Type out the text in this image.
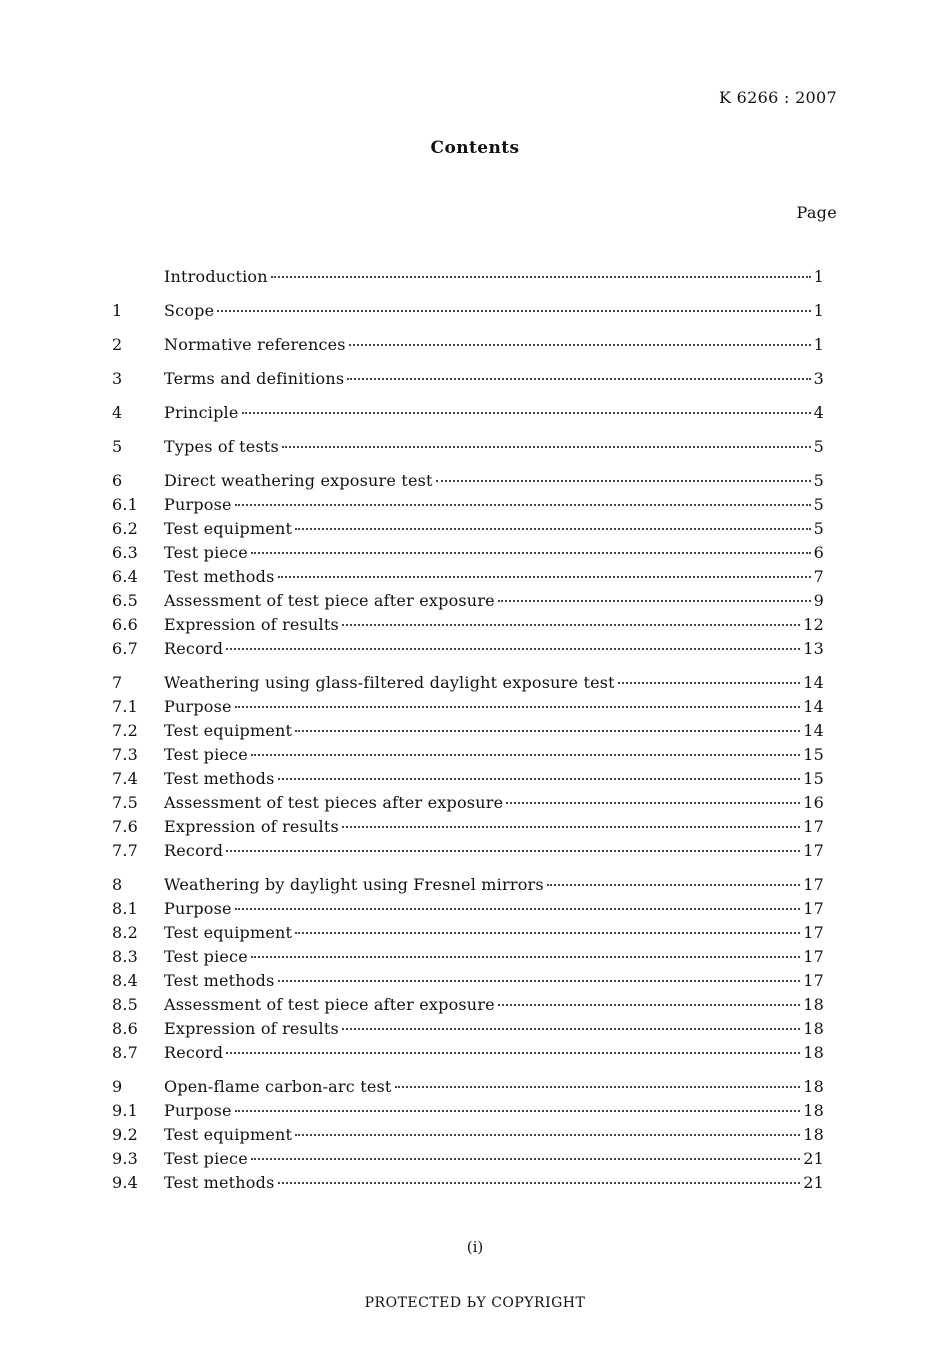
K 6266 : 2007
Contents
Page
Introduction	1
1	Scope	1
2	Normative references	1
3	Terms and definitions	3
4	Principle	4
5	Types of tests	5
6	Direct weathering exposure test	5
6.1	Purpose	5
6.2	Test equipment	5
6.3	Test piece	6
6.4	Test methods	7
6.5	Assessment of test piece after exposure	9
6.6	Expression of results	12
6.7	Record	13
7	Weathering using glass-filtered daylight exposure test	14
7.1	Purpose	14
7.2	Test equipment	14
7.3	Test piece	15
7.4	Test methods	15
7.5	Assessment of test pieces after exposure	16
7.6	Expression of results	17
7.7	Record	17
8	Weathering by daylight using Fresnel mirrors	17
8.1	Purpose	17
8.2	Test equipment	17
8.3	Test piece	17
8.4	Test methods	17
8.5	Assessment of test piece after exposure	18
8.6	Expression of results	18
8.7	Record	18
9	Open-flame carbon-arc test	18
9.1	Purpose	18
9.2	Test equipment	18
9.3	Test piece	21
9.4	Test methods	21
(i)
PROTECTED ЬY COPYRIGHT
